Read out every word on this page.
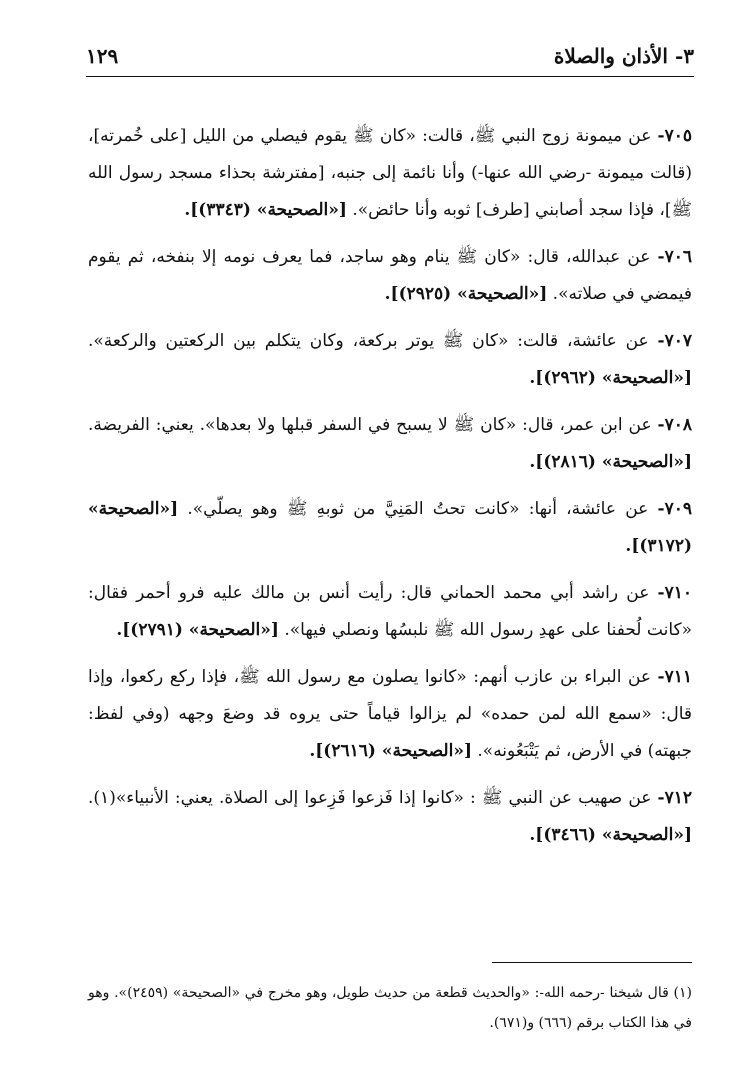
٣- الأذان والصلاة
١٢٩

٧٠٥- عن ميمونة زوج النبي ﷺ، قالت: «كان ﷺ يقوم فيصلي من الليل [على خُمرته]، (قالت ميمونة -رضي الله عنها-) وأنا نائمة إلى جنبه، [مفترشة بحذاء مسجد رسول الله ﷺ]، فإذا سجد أصابني [طرف] ثوبه وأنا حائض». [«الصحيحة» (٣٣٤٣)].

٧٠٦- عن عبدالله، قال: «كان ﷺ ينام وهو ساجد، فما يعرف نومه إلا بنفخه، ثم يقوم فيمضي في صلاته». [«الصحيحة» (٢٩٢٥)].

٧٠٧- عن عائشة، قالت: «كان ﷺ يوتر بركعة، وكان يتكلم بين الركعتين والركعة». [«الصحيحة» (٢٩٦٢)].

٧٠٨- عن ابن عمر، قال: «كان ﷺ لا يسبح في السفر قبلها ولا بعدها». يعني: الفريضة. [«الصحيحة» (٢٨١٦)].

٧٠٩- عن عائشة، أنها: «كانت تحتُ المَنِيَّ من ثوبهِ ﷺ وهو يصلّي». [«الصحيحة» (٣١٧٢)].

٧١٠- عن راشد أبي محمد الحماني قال: رأيت أنس بن مالك عليه فرو أحمر فقال: «كانت لُحفنا على عهدِ رسول الله ﷺ نلبسُها ونصلي فيها». [«الصحيحة» (٢٧٩١)].

٧١١- عن البراء بن عازب أنهم: «كانوا يصلون مع رسول الله ﷺ، فإذا ركع ركعوا، وإذا قال: «سمع الله لمن حمده» لم يزالوا قياماً حتى يروه قد وضعَ وجهه (وفي لفظ: جبهته) في الأرض، ثم يَتْبَعُونه». [«الصحيحة» (٢٦١٦)].

٧١٢- عن صهيب عن النبي ﷺ : «كانوا إذا فَزعوا فَزِعوا إلى الصلاة. يعني: الأنبياء»(١). [«الصحيحة» (٣٤٦٦)].

(١) قال شيخنا -رحمه الله-: «والحديث قطعة من حديث طويل، وهو مخرج في «الصحيحة» (٢٤٥٩)». وهو في هذا الكتاب برقم (٦٦٦) و(٦٧١).
